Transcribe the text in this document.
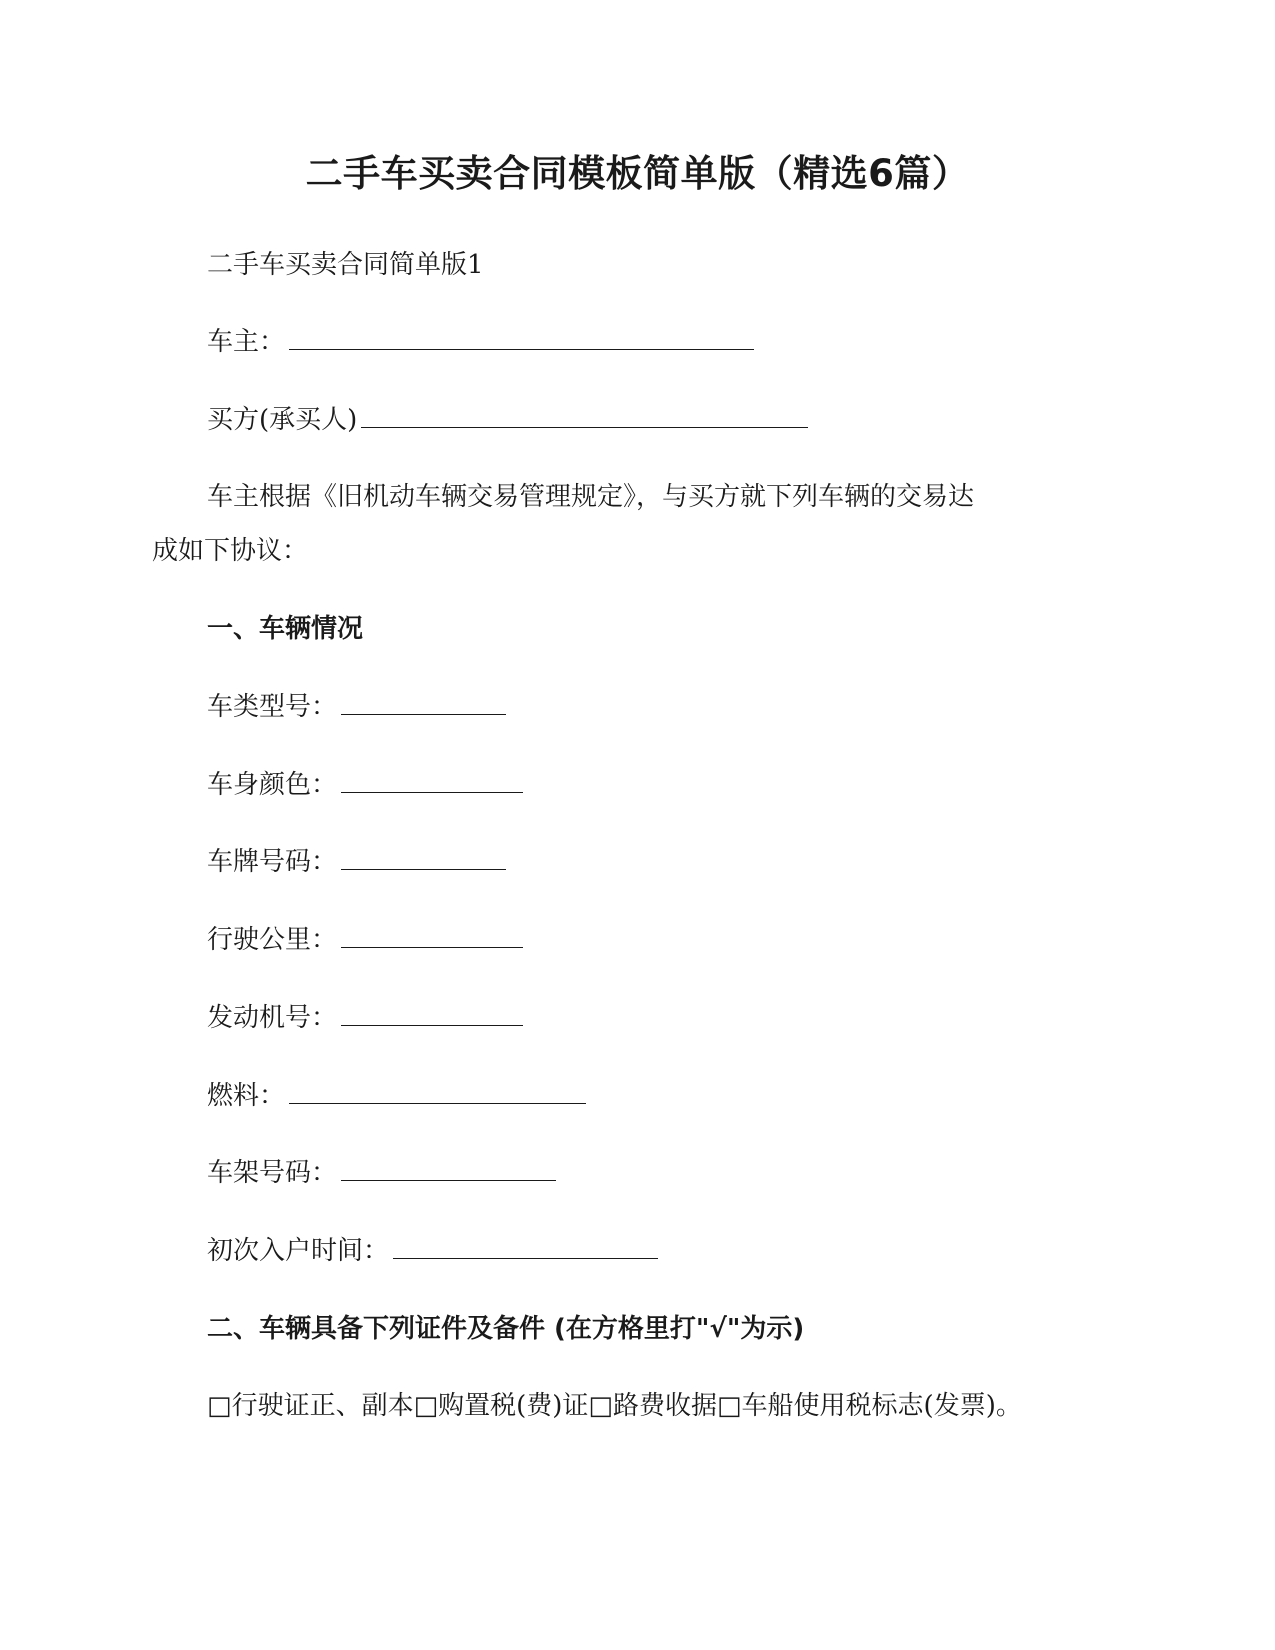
二手车买卖合同模板简单版（精选6篇）
二手车买卖合同简单版1
车主：
买方(承买人)
车主根据《旧机动车辆交易管理规定》，与买方就下列车辆的交易达
成如下协议：
一、车辆情况
车类型号：
车身颜色：
车牌号码：
行驶公里：
发动机号：
燃料：
车架号码：
初次入户时间：
二、车辆具备下列证件及备件 (在方格里打"√"为示)
□行驶证正、副本□购置税(费)证□路费收据□车船使用税标志(发票)。
